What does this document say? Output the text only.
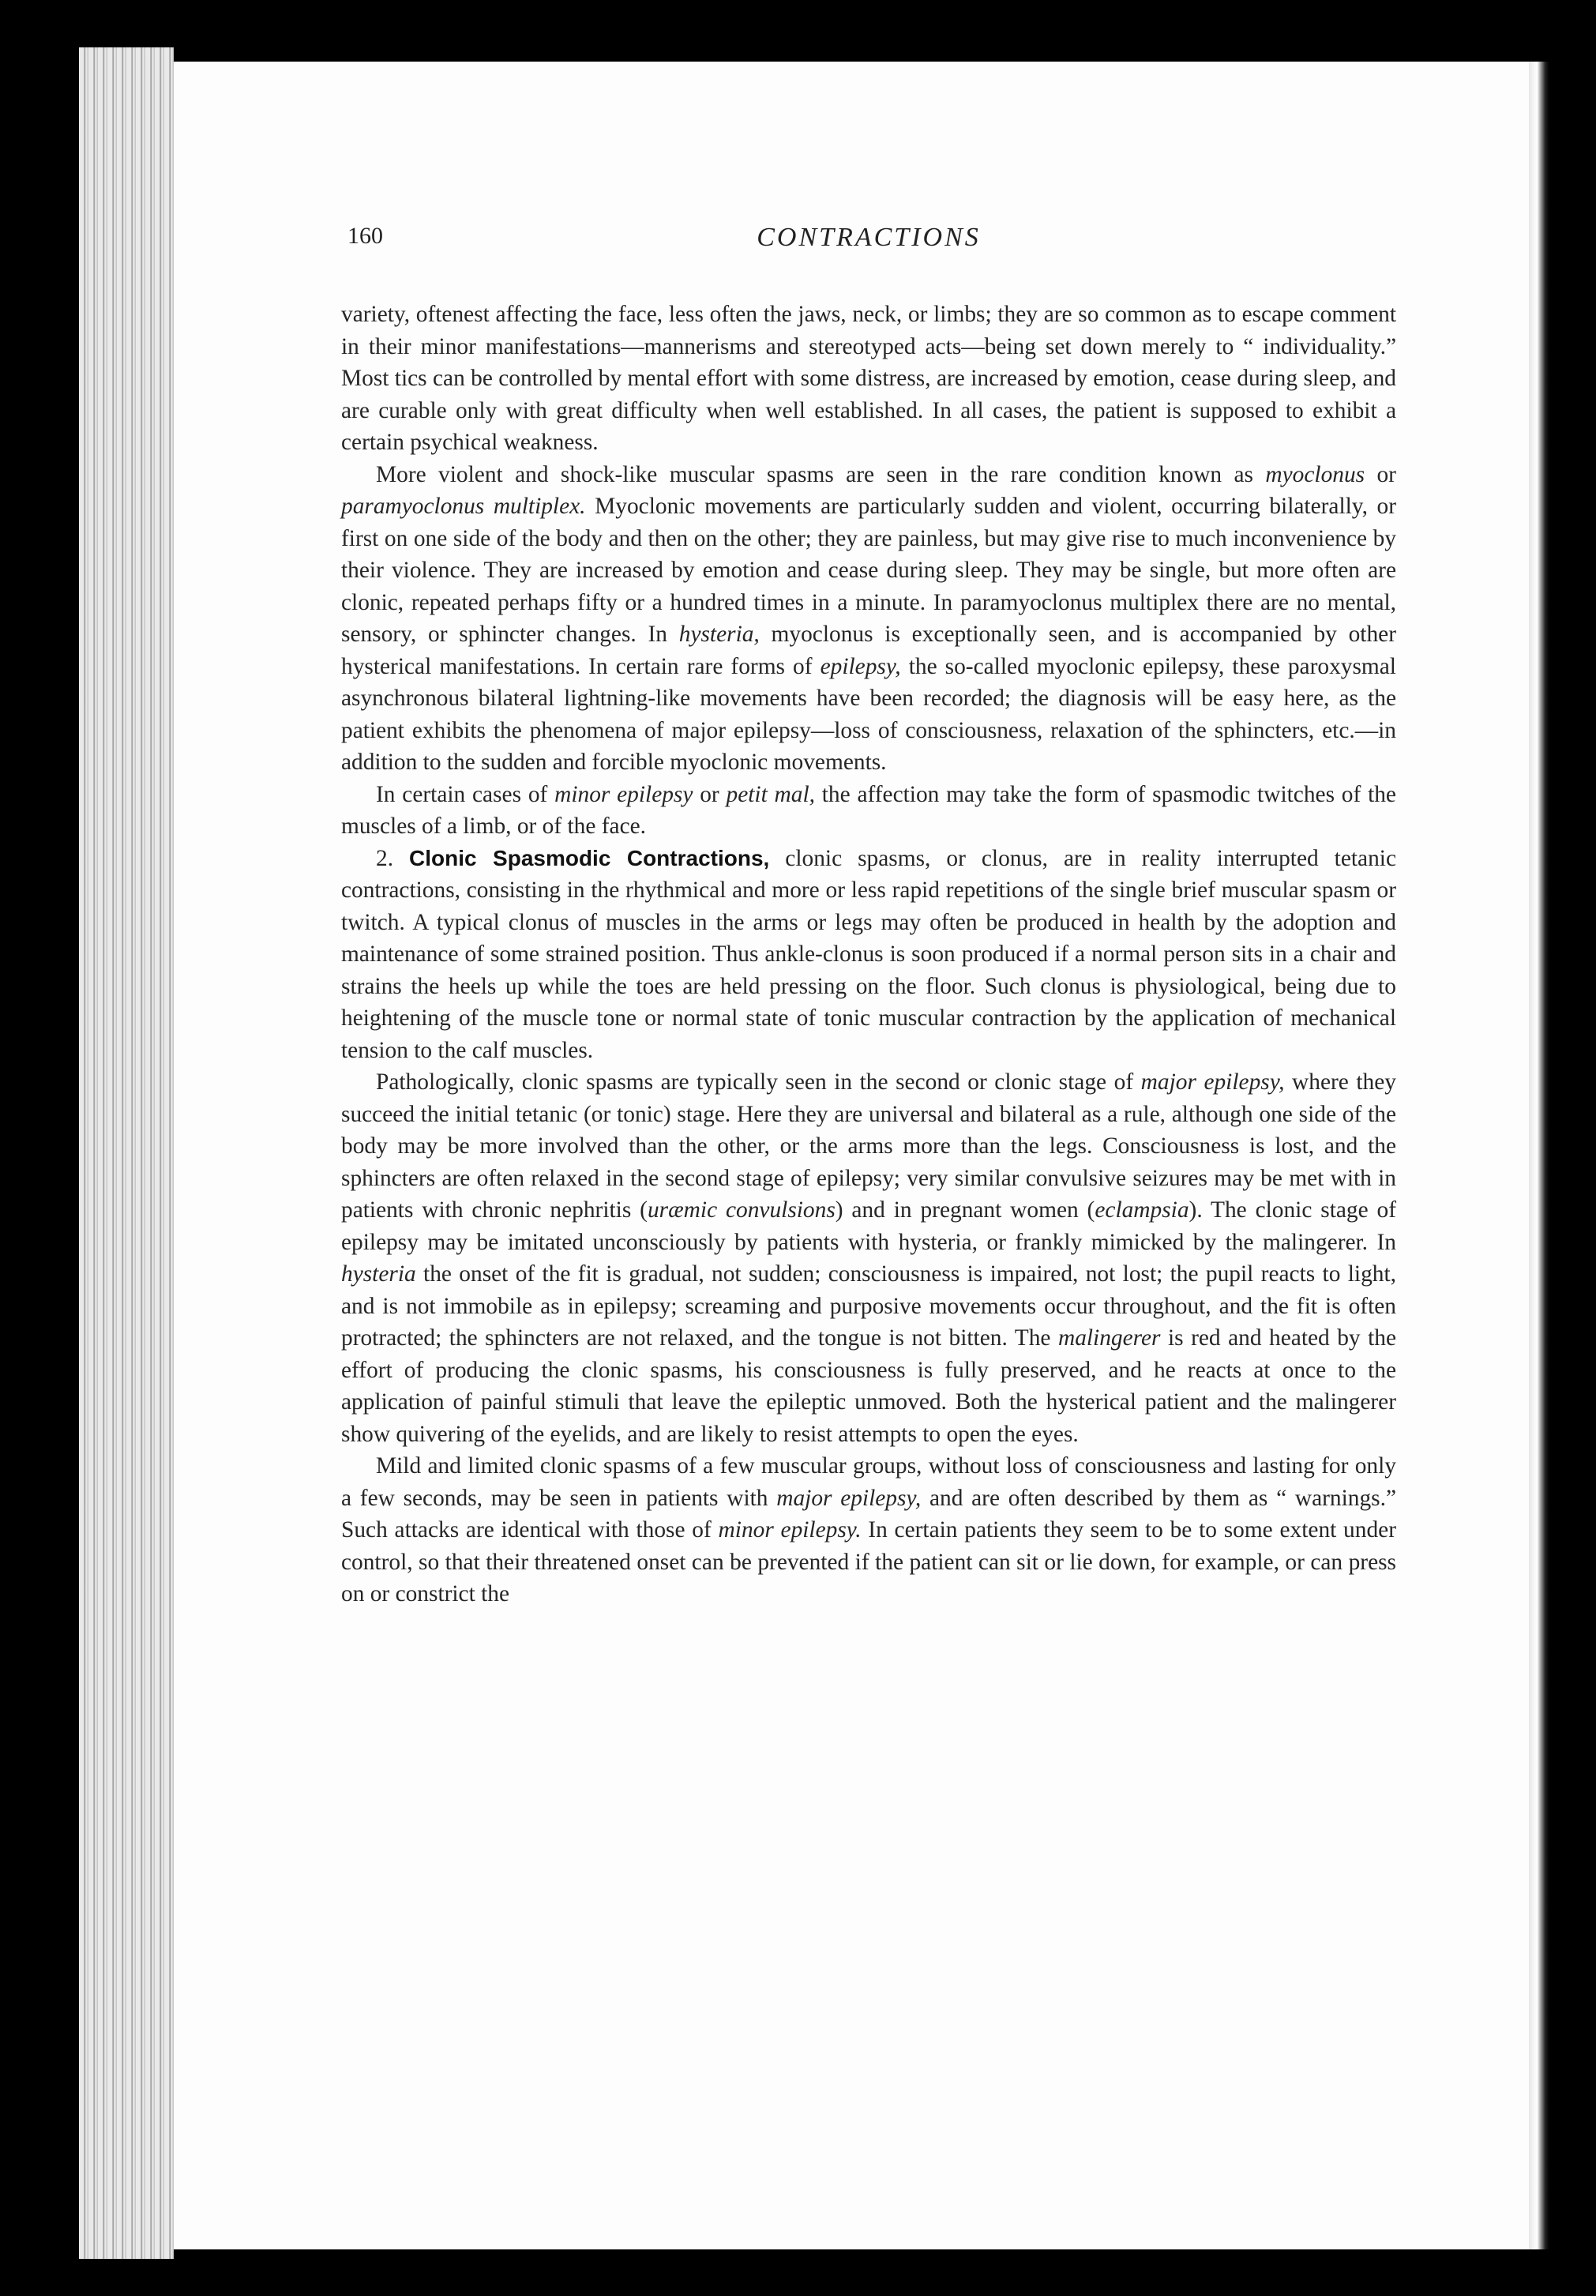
160	CONTRACTIONS

variety, oftenest affecting the face, less often the jaws, neck, or limbs; they are so common as to escape comment in their minor manifestations—mannerisms and stereotyped acts—being set down merely to “ individuality.” Most tics can be controlled by mental effort with some distress, are increased by emotion, cease during sleep, and are curable only with great difficulty when well established. In all cases, the patient is supposed to exhibit a certain psychical weakness.

More violent and shock-like muscular spasms are seen in the rare condition known as myoclonus or paramyoclonus multiplex. Myoclonic movements are particularly sudden and violent, occurring bilaterally, or first on one side of the body and then on the other; they are painless, but may give rise to much inconvenience by their violence. They are increased by emotion and cease during sleep. They may be single, but more often are clonic, repeated perhaps fifty or a hundred times in a minute. In paramyoclonus multiplex there are no mental, sensory, or sphincter changes. In hysteria, myoclonus is exceptionally seen, and is accompanied by other hysterical manifestations. In certain rare forms of epilepsy, the so-called myoclonic epilepsy, these paroxysmal asynchronous bilateral lightning-like movements have been recorded; the diagnosis will be easy here, as the patient exhibits the phenomena of major epilepsy—loss of consciousness, relaxation of the sphincters, etc.—in addition to the sudden and forcible myoclonic movements.

In certain cases of minor epilepsy or petit mal, the affection may take the form of spasmodic twitches of the muscles of a limb, or of the face.

2. Clonic Spasmodic Contractions, clonic spasms, or clonus, are in reality interrupted tetanic contractions, consisting in the rhythmical and more or less rapid repetitions of the single brief muscular spasm or twitch. A typical clonus of muscles in the arms or legs may often be produced in health by the adoption and maintenance of some strained position. Thus ankle-clonus is soon produced if a normal person sits in a chair and strains the heels up while the toes are held pressing on the floor. Such clonus is physiological, being due to heightening of the muscle tone or normal state of tonic muscular contraction by the application of mechanical tension to the calf muscles.

Pathologically, clonic spasms are typically seen in the second or clonic stage of major epilepsy, where they succeed the initial tetanic (or tonic) stage. Here they are universal and bilateral as a rule, although one side of the body may be more involved than the other, or the arms more than the legs. Consciousness is lost, and the sphincters are often relaxed in the second stage of epilepsy; very similar convulsive seizures may be met with in patients with chronic nephritis (uræmic convulsions) and in pregnant women (eclampsia). The clonic stage of epilepsy may be imitated unconsciously by patients with hysteria, or frankly mimicked by the malingerer. In hysteria the onset of the fit is gradual, not sudden; consciousness is impaired, not lost; the pupil reacts to light, and is not immobile as in epilepsy; screaming and purposive movements occur throughout, and the fit is often protracted; the sphincters are not relaxed, and the tongue is not bitten. The malingerer is red and heated by the effort of producing the clonic spasms, his consciousness is fully preserved, and he reacts at once to the application of painful stimuli that leave the epileptic unmoved. Both the hysterical patient and the malingerer show quivering of the eyelids, and are likely to resist attempts to open the eyes.

Mild and limited clonic spasms of a few muscular groups, without loss of consciousness and lasting for only a few seconds, may be seen in patients with major epilepsy, and are often described by them as “ warnings.” Such attacks are identical with those of minor epilepsy. In certain patients they seem to be to some extent under control, so that their threatened onset can be prevented if the patient can sit or lie down, for example, or can press on or constrict the
